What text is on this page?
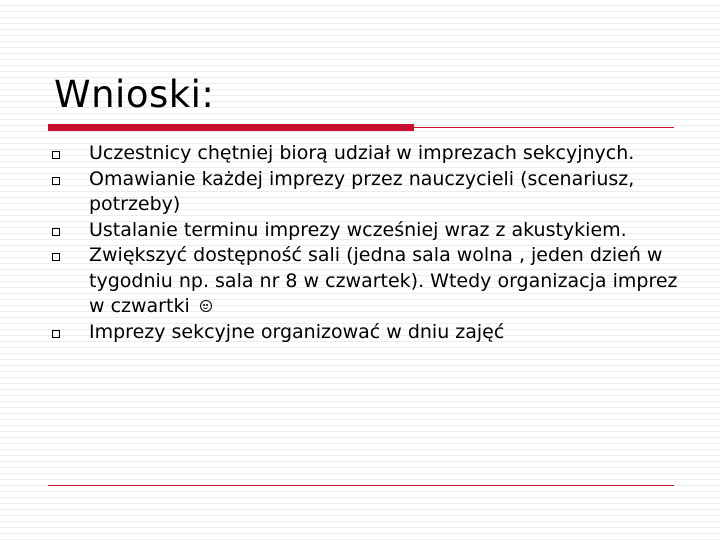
Wnioski:
Uczestnicy chętniej biorą udział w imprezach sekcyjnych.
Omawianie każdej imprezy przez nauczycieli (scenariusz, potrzeby)
Ustalanie terminu imprezy wcześniej wraz z akustykiem.
Zwiększyć dostępność sali (jedna sala wolna , jeden dzień w tygodniu np. sala nr 8 w czwartek). Wtedy organizacja imprez w czwartki
Imprezy sekcyjne organizować w dniu zajęć
